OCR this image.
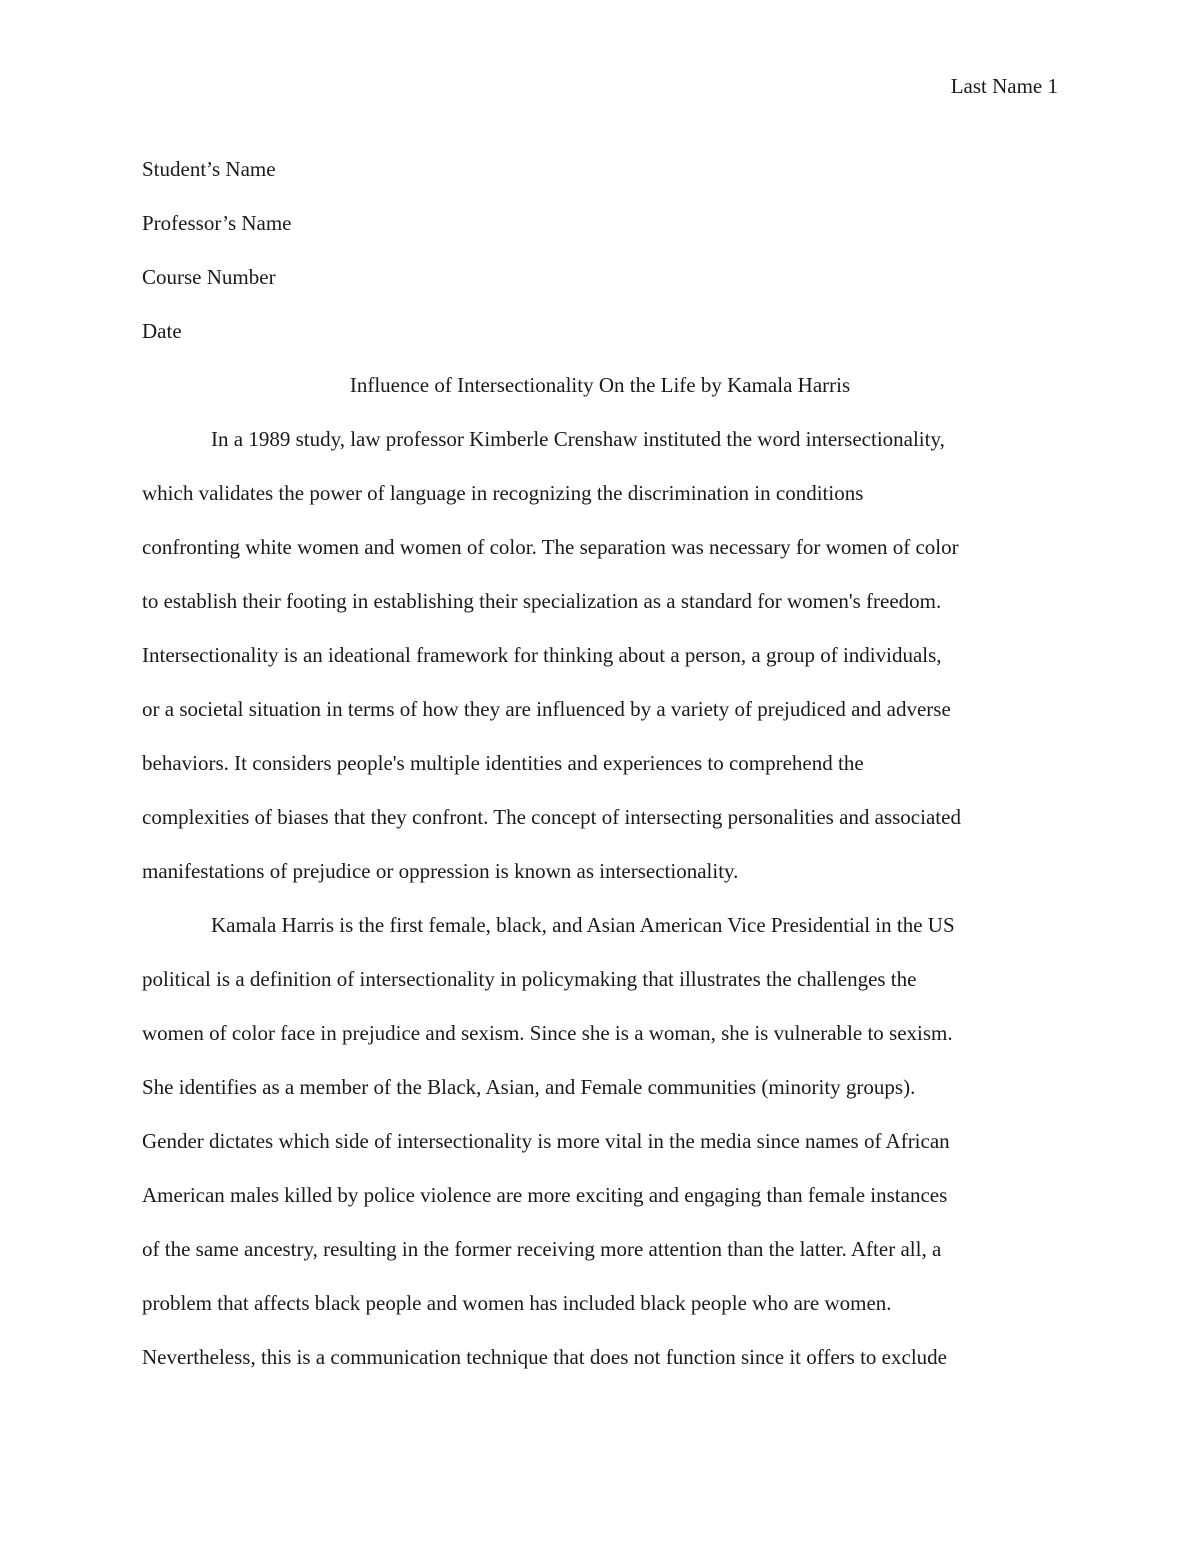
Last Name 1
Student’s Name
Professor’s Name
Course Number
Date
Influence of Intersectionality On the Life by Kamala Harris
In a 1989 study, law professor Kimberle Crenshaw instituted the word intersectionality,
which validates the power of language in recognizing the discrimination in conditions
confronting white women and women of color. The separation was necessary for women of color
to establish their footing in establishing their specialization as a standard for women's freedom.
Intersectionality is an ideational framework for thinking about a person, a group of individuals,
or a societal situation in terms of how they are influenced by a variety of prejudiced and adverse
behaviors. It considers people's multiple identities and experiences to comprehend the
complexities of biases that they confront. The concept of intersecting personalities and associated
manifestations of prejudice or oppression is known as intersectionality.
Kamala Harris is the first female, black, and Asian American Vice Presidential in the US
political is a definition of intersectionality in policymaking that illustrates the challenges the
women of color face in prejudice and sexism. Since she is a woman, she is vulnerable to sexism.
She identifies as a member of the Black, Asian, and Female communities (minority groups).
Gender dictates which side of intersectionality is more vital in the media since names of African
American males killed by police violence are more exciting and engaging than female instances
of the same ancestry, resulting in the former receiving more attention than the latter. After all, a
problem that affects black people and women has included black people who are women.
Nevertheless, this is a communication technique that does not function since it offers to exclude
